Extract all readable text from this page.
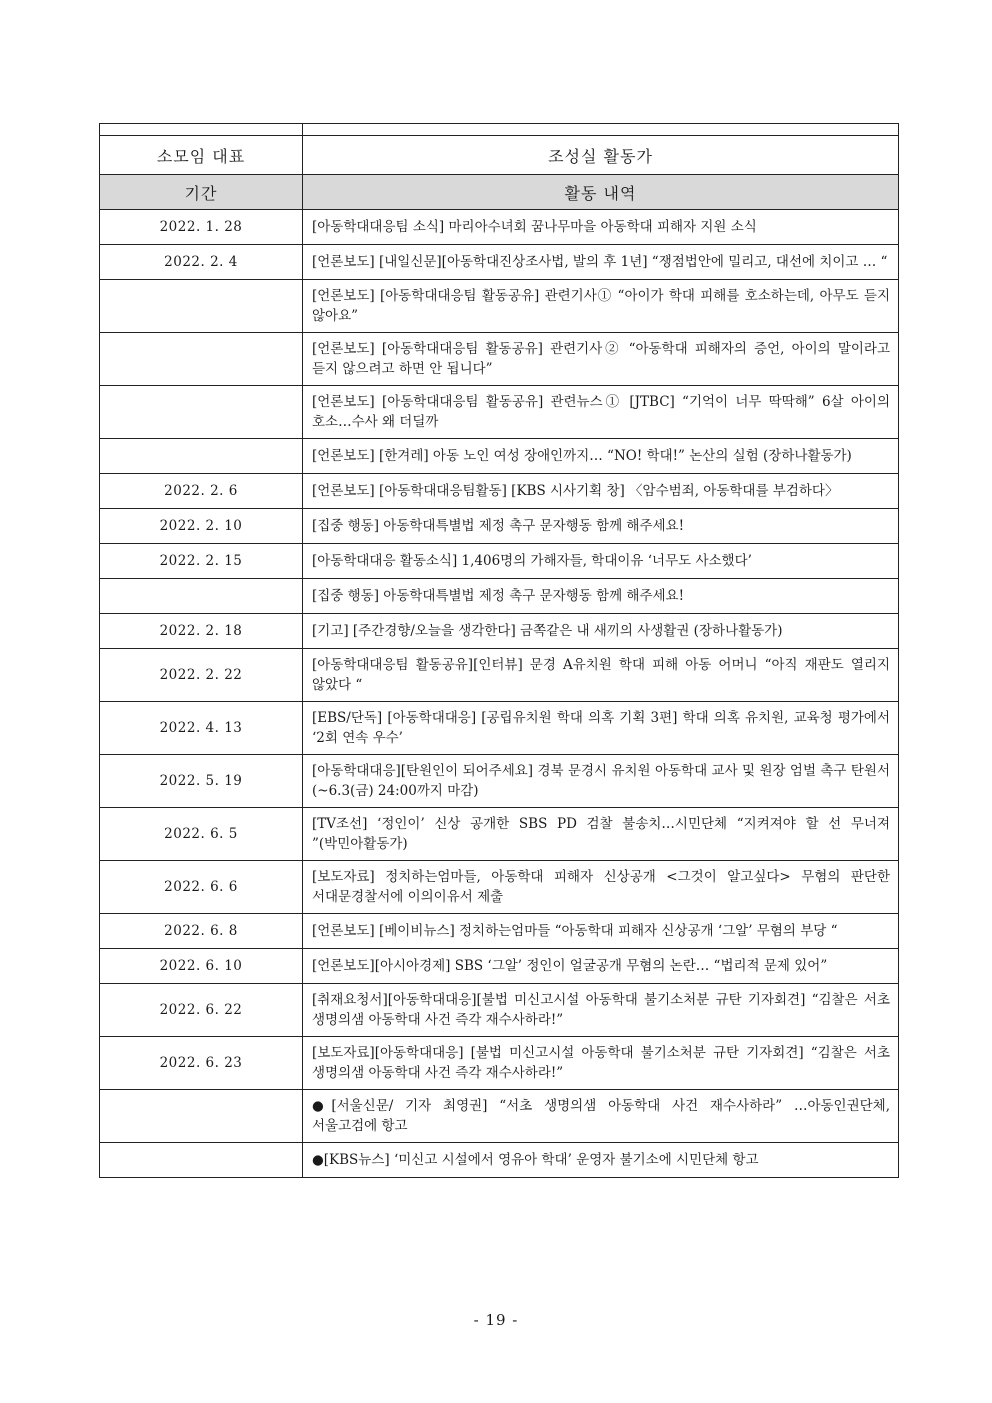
소모임 대표	조성실 활동가
기간	활동 내역
2022. 1. 28	[아동학대대응팀 소식] 마리아수녀회 꿈나무마을 아동학대 피해자 지원 소식
2022. 2. 4	[언론보도] [내일신문][아동학대진상조사법, 발의 후 1년] “쟁점법안에 밀리고, 대선에 치이고 … “
	[언론보도] [아동학대대응팀 활동공유] 관련기사① “아이가 학대 피해를 호소하는데, 아무도 듣지 않아요”
	[언론보도] [아동학대대응팀 활동공유] 관련기사② “아동학대 피해자의 증언, 아이의 말이라고 듣지 않으려고 하면 안 됩니다”
	[언론보도] [아동학대대응팀 활동공유] 관련뉴스① [JTBC] “기억이 너무 딱딱해” 6살 아이의 호소…수사 왜 더딜까
	[언론보도] [한겨레] 아동 노인 여성 장애인까지… “NO! 학대!” 논산의 실험 (장하나활동가)
2022. 2. 6	[언론보도] [아동학대대응팀활동] [KBS 시사기획 창] 〈암수범죄, 아동학대를 부검하다〉
2022. 2. 10	[집중 행동] 아동학대특별법 제정 촉구 문자행동 함께 해주세요!
2022. 2. 15	[아동학대대응 활동소식] 1,406명의 가해자들, 학대이유 ‘너무도 사소했다’
	[집중 행동] 아동학대특별법 제정 촉구 문자행동 함께 해주세요!
2022. 2. 18	[기고] [주간경향/오늘을 생각한다] 금쪽같은 내 새끼의 사생활권 (장하나활동가)
2022. 2. 22	[아동학대대응팀 활동공유][인터뷰] 문경 A유치원 학대 피해 아동 어머니 “아직 재판도 열리지 않았다 “
2022. 4. 13	[EBS/단독] [아동학대대응] [공립유치원 학대 의혹 기획 3편] 학대 의혹 유치원, 교육청 평가에서 ‘2회 연속 우수’
2022. 5. 19	[아동학대대응][탄원인이 되어주세요] 경북 문경시 유치원 아동학대 교사 및 원장 엄벌 촉구 탄원서 (~6.3(금) 24:00까지 마감)
2022. 6. 5	[TV조선] ‘정인이’ 신상 공개한 SBS PD 검찰 불송치…시민단체 “지켜져야 할 선 무너져 ”(박민아활동가)
2022. 6. 6	[보도자료] 정치하는엄마들, 아동학대 피해자 신상공개 <그것이 알고싶다> 무혐의 판단한 서대문경찰서에 이의이유서 제출
2022. 6. 8	[언론보도] [베이비뉴스] 정치하는엄마들 “아동학대 피해자 신상공개 ‘그알’ 무혐의 부당 “
2022. 6. 10	[언론보도][아시아경제] SBS ‘그알’ 정인이 얼굴공개 무혐의 논란… “법리적 문제 있어”
2022. 6. 22	[취재요청서][아동학대대응][불법 미신고시설 아동학대 불기소처분 규탄 기자회견] “김찰은 서초 생명의샘 아동학대 사건 즉각 재수사하라!”
2022. 6. 23	[보도자료][아동학대대응] [불법 미신고시설 아동학대 불기소처분 규탄 기자회견] “김찰은 서초 생명의샘 아동학대 사건 즉각 재수사하라!”
	●[서울신문/ 기자 최영권] “서초 생명의샘 아동학대 사건 재수사하라” …아동인권단체, 서울고검에 항고
	●[KBS뉴스] ‘미신고 시설에서 영유아 학대’ 운영자 불기소에 시민단체 항고
- 19 -
